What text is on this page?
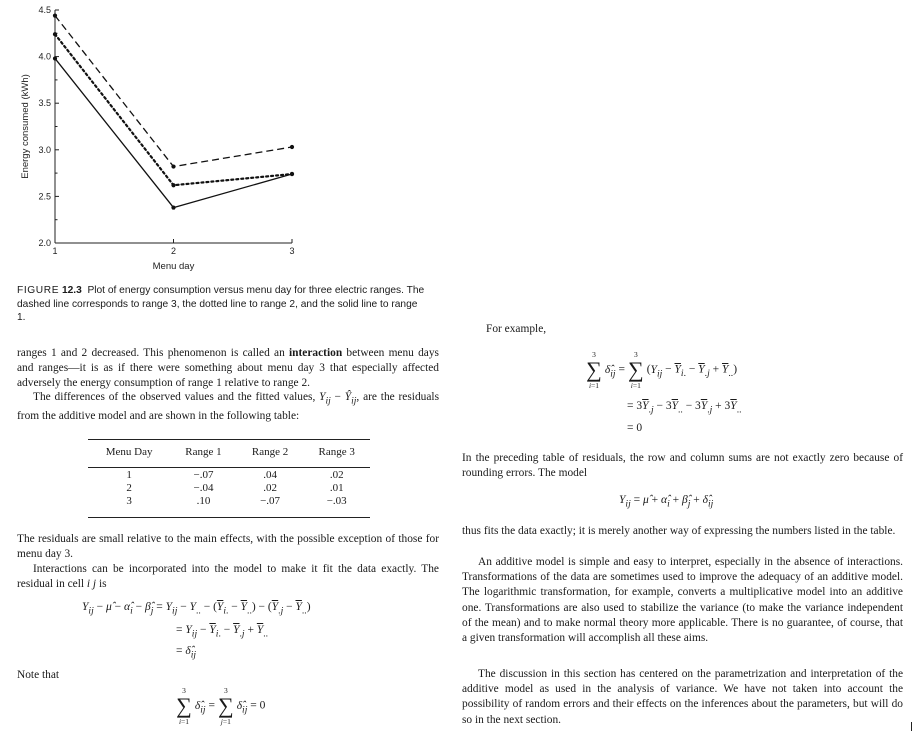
2.0
2.5
3.0
3.5
4.0
4.5
1	2	3
Menu day
Energy consumed (kWh)
FIGURE 12.3 Plot of energy consumption versus menu day for three electric ranges. The dashed line corresponds to range 3, the dotted line to range 2, and the solid line to range 1.
ranges 1 and 2 decreased. This phenomenon is called an interaction between menu days and ranges—it is as if there were something about menu day 3 that especially affected adversely the energy consumption of range 1 relative to range 2.
The differences of the observed values and the fitted values, $Y_{ij}$ − $Ŷ_{ij}$, are the residuals from the additive model and are shown in the following table:
Menu Day	Range 1	Range 2	Range 3
1	−.07	.04	.02
2	−.04	.02	.01
3	.10	−.07	−.03
The residuals are small relative to the main effects, with the possible exception of those for menu day 3.
Interactions can be incorporated into the model to make it fit the data exactly. The residual in cell i j is
$Y_{ij}$ − μ̂ − $\alphâ_i$ − $\betâ_j = Y_{ij} - Y_{..} - (\overline{Y}_{i.} - \overline{Y}_{..}) - (\overline{Y}_{.j} - \overline{Y}_{..})$
= $Y_{ij} - \overline{Y}_{i.} - \overline{Y}_{.j} + \overline{Y}_{..}$
= $\deltâ_{ij}$
Note that
3
∑
i=1
$\deltâ_{ij}$ =
3
∑
j=1
$\deltâ_{ij} = 0$
For example,
3
∑
i=1
$\deltâ_{ij}$ =
3
∑
i=1
$(Y_{ij} - \overline{Y}_{i.} - \overline{Y}_{.j} + \overline{Y}_{..})$
= $3\overline{Y}_{.j} - 3\overline{Y}_{..} - 3\overline{Y}_{.j} + 3\overline{Y}_{..}$
= 0
In the preceding table of residuals, the row and column sums are not exactly zero because of rounding errors. The model
$Y_{ij}$ = μ̂ + $\alphâ_i$ + $\betâ_j$ + $\deltâ_{ij}$
thus fits the data exactly; it is merely another way of expressing the numbers listed in the table.
An additive model is simple and easy to interpret, especially in the absence of interactions. Transformations of the data are sometimes used to improve the adequacy of an additive model. The logarithmic transformation, for example, converts a multiplicative model into an additive one. Transformations are also used to stabilize the variance (to make the variance independent of the mean) and to make normal theory more applicable. There is no guarantee, of course, that a given transformation will accomplish all these aims.
The discussion in this section has centered on the parametrization and interpretation of the additive model as used in the analysis of variance. We have not taken into account the possibility of random errors and their effects on the inferences about the parameters, but will do so in the next section.
